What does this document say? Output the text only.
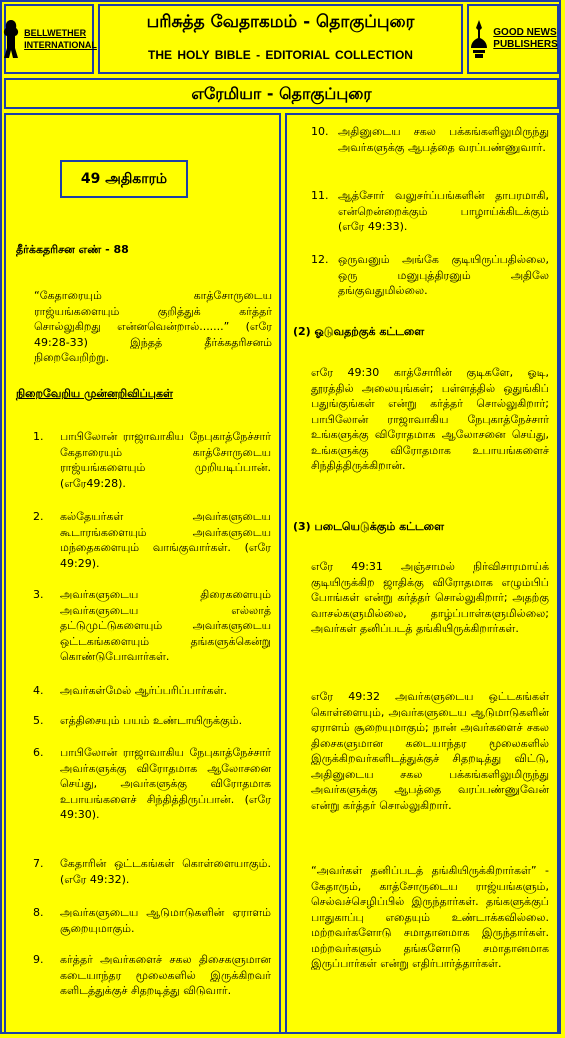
BELLWETHER
INTERNATIONAL
பரிசுத்த வேதாகமம் - தொகுப்புரை
THE HOLY BIBLE - EDITORIAL COLLECTION
GOOD NEWS
PUBLISHERS
எரேமியா - தொகுப்புரை
49 அதிகாரம்
தீர்க்கதரிசன எண் - 88
“கேதாரையும் காத்சோருடைய ராஜ்யங்களையும் குறித்துக் கர்த்தர் சொல்லுகிறது என்னவென்றால்.......” (எரே 49:28-33) இந்தத் தீர்க்கதரிசனம் நிறைவேறிற்று.
நிறைவேறிய முன்னறிவிப்புகள்
1. பாபிலோன் ராஜாவாகிய நேபுகாத்நேச்சார் கேதாரையும் காத்சோருடைய ராஜ்யங்களையும் முறியடிப்பான். (எரே49:28).
2. கல்தேயர்கள் அவர்களுடைய கூடாரங்களையும் அவர்களுடைய மந்தைகளையும் வாங்குவார்கள். (எரே 49:29).
3. அவர்களுடைய திரைகளையும் அவர்களுடைய எல்லாத் தட்டுமுட்டுகளையும் அவர்களுடைய ஒட்டகங்களையும் தங்களுக்கென்று கொண்டுபோவார்கள்.
4. அவர்கள்மேல் ஆர்ப்பரிப்பார்கள்.
5. எத்திசையும் பயம் உண்டாயிருக்கும்.
6. பாபிலோன் ராஜாவாகிய நேபுகாத்நேச்சார் அவர்களுக்கு விரோதமாக ஆலோசனை செய்து, அவர்களுக்கு விரோதமாக உபாயங்களைச் சிந்தித்திருப்பான். (எரே 49:30).
7. கேதாரின் ஒட்டகங்கள் கொள்ளையாகும். (எரே 49:32).
8. அவர்களுடைய ஆடுமாடுகளின் ஏராளம் சூறையுமாகும்.
9. கர்த்தர் அவர்களைச் சகல திசைகளுமான கடையாந்தர மூலைகளில் இருக்கிறவர் களிடத்துக்குச் சிதறடித்து விடுவார்.
10. அதினுடைய சகல பக்கங்களிலுமிருந்து அவர்களுக்கு ஆபத்தை வரப்பண்ணுவார்.
11. ஆத்சோர் வலுசர்ப்பங்களின் தாபரமாகி, என்றென்றைக்கும் பாழாய்க்கிடக்கும் (எரே 49:33).
12. ஒருவனும் அங்கே குடியிருப்பதில்லை, ஒரு மனுபுத்திரனும் அதிலே தங்குவதுமில்லை.
(2) ஓடுவதற்குக் கட்டளை
எரே 49:30 காத்சோரின் குடிகளே, ஓடி, தூரத்தில் அலையுங்கள்; பள்ளத்தில் ஒதுங்கிப் பதுங்குங்கள் என்று கர்த்தர் சொல்லுகிறார்; பாபிலோன் ராஜாவாகிய நேபுகாத்நேச்சார் உங்களுக்கு விரோதமாக ஆலோசனை செய்து, உங்களுக்கு விரோதமாக உபாயங்களைச் சிந்தித்திருக்கிறான்.
(3) படையெடுக்கும் கட்டளை
எரே 49:31 அஞ்சாமல் நிர்விசாரமாய்க் குடியிருக்கிற ஜாதிக்கு விரோதமாக எழும்பிப் போங்கள் என்று கர்த்தர் சொல்லுகிறார்; அதற்கு வாசல்களுமில்லை, தாழ்ப்பாள்களுமில்லை; அவர்கள் தனிப்படத் தங்கியிருக்கிறார்கள்.
எரே 49:32 அவர்களுடைய ஒட்டகங்கள் கொள்ளையும், அவர்களுடைய ஆடுமாடுகளின் ஏராளம் சூறையுமாகும்; நான் அவர்களைச் சகல திசைகளுமான கடையாந்தர மூலைகளில் இருக்கிறவர்களிடத்துக்குச் சிதறடித்து விட்டு, அதினுடைய சகல பக்கங்களிலுமிருந்து அவர்களுக்கு ஆபத்தை வரப்பண்ணுவேன் என்று கர்த்தர் சொல்லுகிறார்.
“அவர்கள் தனிப்படத் தங்கியிருக்கிறார்கள்” - கேதாரும், காத்சோருடைய ராஜ்யங்களும், செல்வச்செழிப்பில் இருந்தார்கள். தங்களுக்குப் பாதுகாப்பு எதையும் உண்டாக்கவில்லை. மற்றவர்களோடு சமாதானமாக இருந்தார்கள். மற்றவர்களும் தங்களோடு சமாதானமாக இருப்பார்கள் என்று எதிர்பார்த்தார்கள்.
